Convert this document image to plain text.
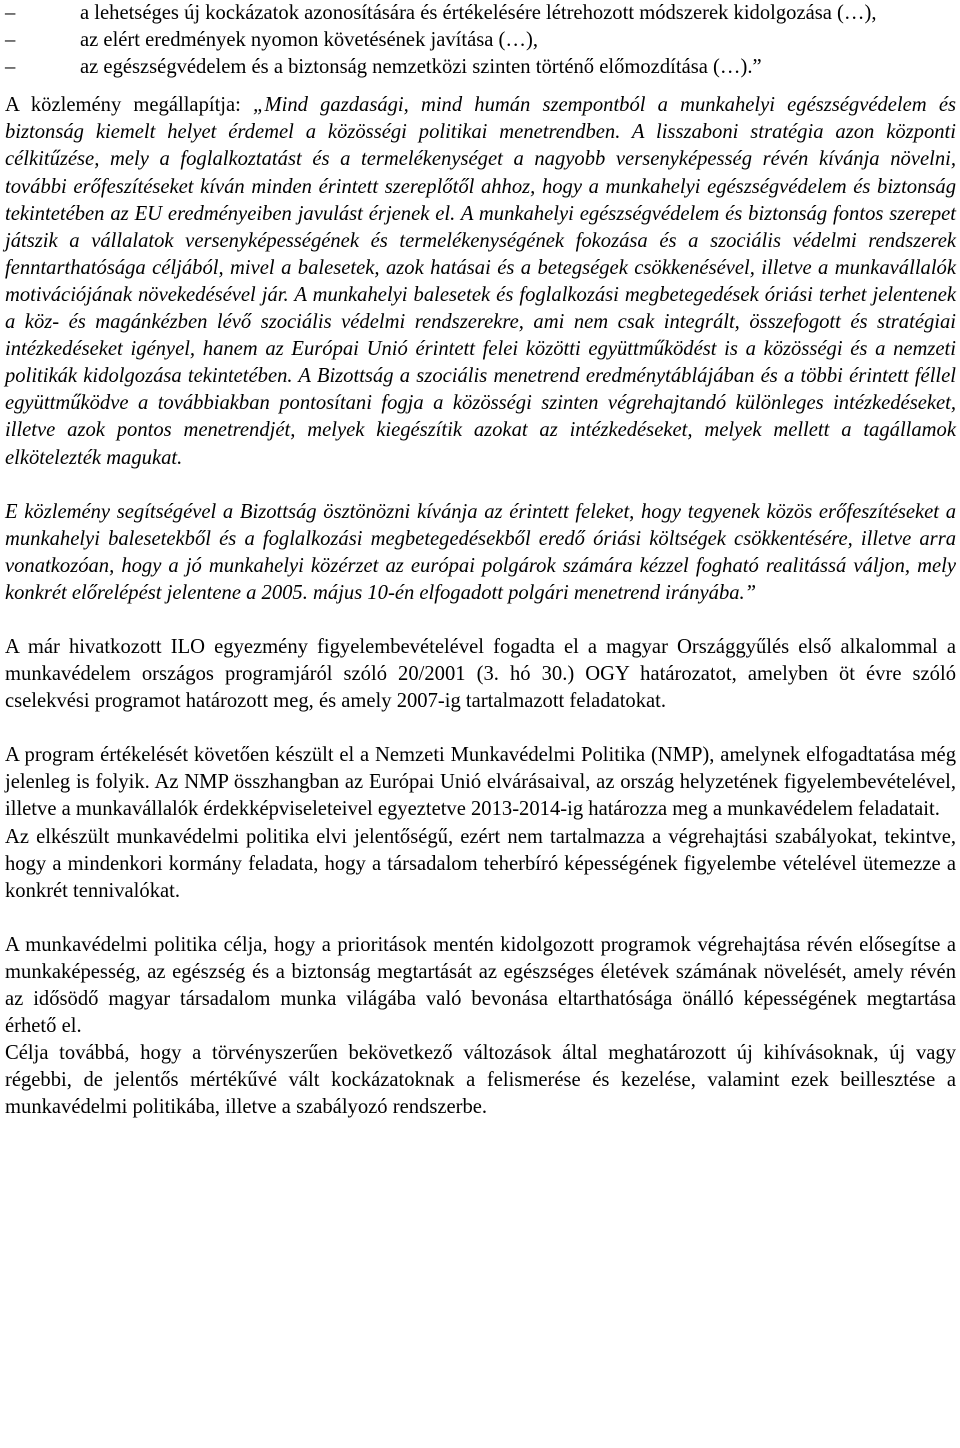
–	a lehetséges új kockázatok azonosítására és értékelésére létrehozott módszerek kidolgozása (…),
–	az elért eredmények nyomon követésének javítása (…),
–	az egészségvédelem és a biztonság nemzetközi szinten történő előmozdítása (…).”

A közlemény megállapítja: „Mind gazdasági, mind humán szempontból a munkahelyi egészségvédelem és biztonság kiemelt helyet érdemel a közösségi politikai menetrendben. A lisszaboni stratégia azon központi célkitűzése, mely a foglalkoztatást és a termelékenységet a nagyobb versenyképesség révén kívánja növelni, további erőfeszítéseket kíván minden érintett szereplőtől ahhoz, hogy a munkahelyi egészségvédelem és biztonság tekintetében az EU eredményeiben javulást érjenek el. A munkahelyi egészségvédelem és biztonság fontos szerepet játszik a vállalatok versenyképességének és termelékenységének fokozása és a szociális védelmi rendszerek fenntarthatósága céljából, mivel a balesetek, azok hatásai és a betegségek csökkenésével, illetve a munkavállalók motivációjának növekedésével jár. A munkahelyi balesetek és foglalkozási megbetegedések óriási terhet jelentenek a köz- és magánkézben lévő szociális védelmi rendszerekre, ami nem csak integrált, összefogott és stratégiai intézkedéseket igényel, hanem az Európai Unió érintett felei közötti együttműködést is a közösségi és a nemzeti politikák kidolgozása tekintetében. A Bizottság a szociális menetrend eredménytáblájában és a többi érintett féllel együttműködve a továbbiakban pontosítani fogja a közösségi szinten végrehajtandó különleges intézkedéseket, illetve azok pontos menetrendjét, melyek kiegészítik azokat az intézkedéseket, melyek mellett a tagállamok elkötelezték magukat.

E közlemény segítségével a Bizottság ösztönözni kívánja az érintett feleket, hogy tegyenek közös erőfeszítéseket a munkahelyi balesetekből és a foglalkozási megbetegedésekből eredő óriási költségek csökkentésére, illetve arra vonatkozóan, hogy a jó munkahelyi közérzet az európai polgárok számára kézzel fogható realitássá váljon, mely konkrét előrelépést jelentene a 2005. május 10-én elfogadott polgári menetrend irányába.”

A már hivatkozott ILO egyezmény figyelembevételével fogadta el a magyar Országgyűlés első alkalommal a munkavédelem országos programjáról szóló 20/2001 (3. hó 30.) OGY határozatot, amelyben öt évre szóló cselekvési programot határozott meg, és amely 2007-ig tartalmazott feladatokat.

A program értékelését követően készült el a Nemzeti Munkavédelmi Politika (NMP), amelynek elfogadtatása még jelenleg is folyik. Az NMP összhangban az Európai Unió elvárásaival, az ország helyzetének figyelembevételével, illetve a munkavállalók érdekképviseleteivel egyeztetve 2013-2014-ig határozza meg a munkavédelem feladatait.

Az elkészült munkavédelmi politika elvi jelentőségű, ezért nem tartalmazza a végrehajtási szabályokat, tekintve, hogy a mindenkori kormány feladata, hogy a társadalom teherbíró képességének figyelembe vételével ütemezze a konkrét tennivalókat.

A munkavédelmi politika célja, hogy a prioritások mentén kidolgozott programok végrehajtása révén elősegítse a munkaképesség, az egészség és a biztonság megtartását az egészséges életévek számának növelését, amely révén az idősödő magyar társadalom munka világába való bevonása eltarthatósága önálló képességének megtartása érhető el.

Célja továbbá, hogy a törvényszerűen bekövetkező változások által meghatározott új kihívásoknak, új vagy régebbi, de jelentős mértékűvé vált kockázatoknak a felismerése és kezelése, valamint ezek beillesztése a munkavédelmi politikába, illetve a szabályozó rendszerbe.
